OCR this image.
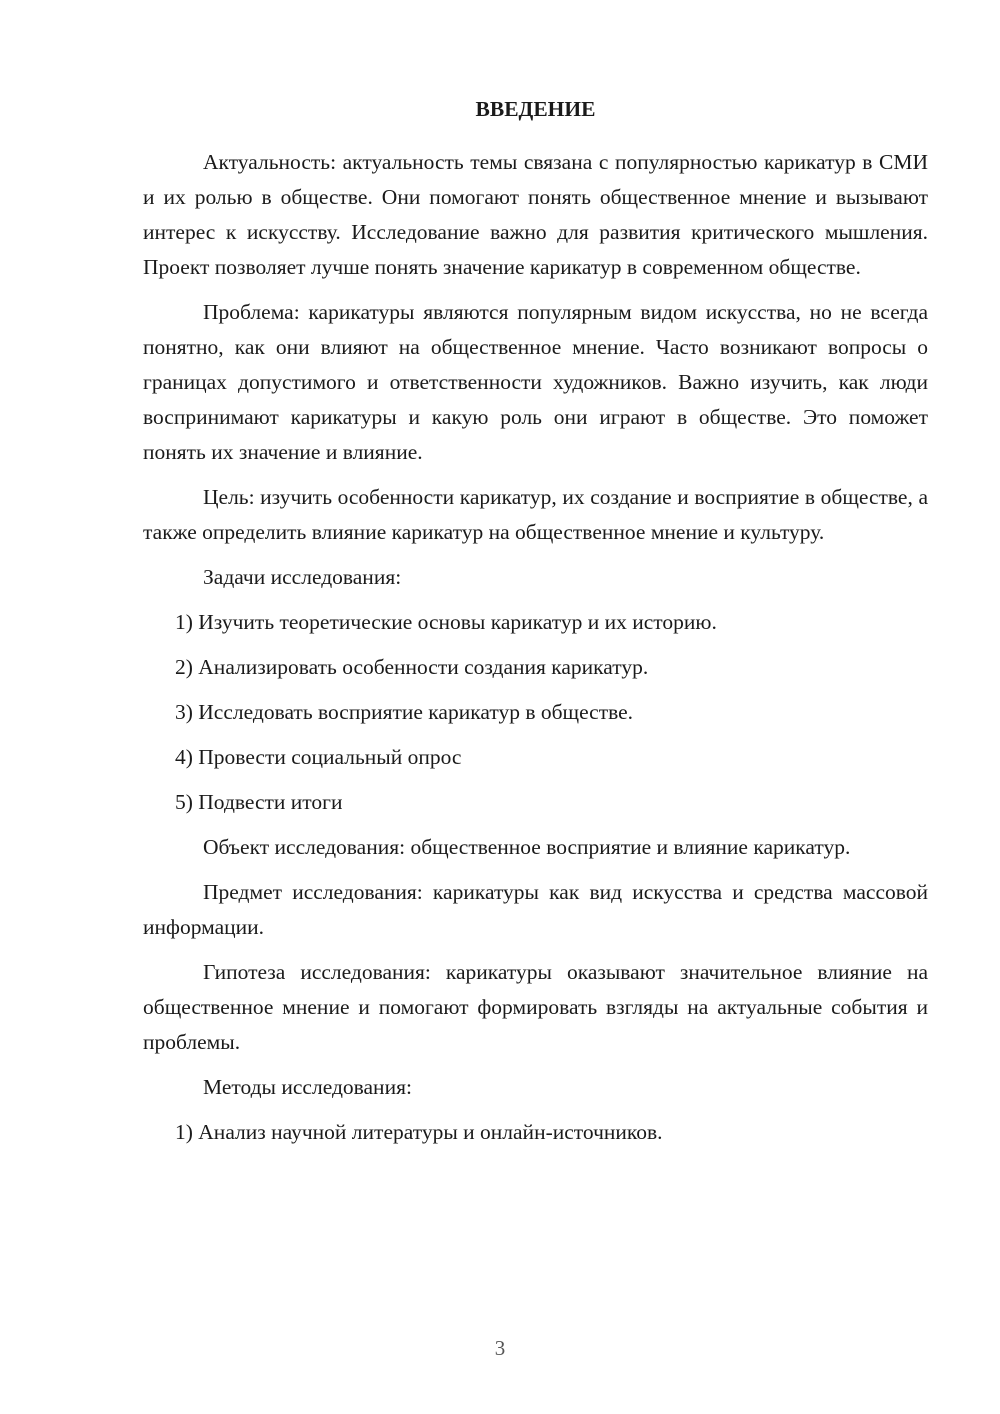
ВВЕДЕНИЕ

Актуальность: актуальность темы связана с популярностью карикатур в СМИ и их ролью в обществе. Они помогают понять общественное мнение и вызывают интерес к искусству. Исследование важно для развития критического мышления. Проект позволяет лучше понять значение карикатур в современном обществе.

Проблема: карикатуры являются популярным видом искусства, но не всегда понятно, как они влияют на общественное мнение. Часто возникают вопросы о границах допустимого и ответственности художников. Важно изучить, как люди воспринимают карикатуры и какую роль они играют в обществе. Это поможет понять их значение и влияние.

Цель: изучить особенности карикатур, их создание и восприятие в обществе, а также определить влияние карикатур на общественное мнение и культуру.

Задачи исследования:

1) Изучить теоретические основы карикатур и их историю.

2) Анализировать особенности создания карикатур.

3) Исследовать восприятие карикатур в обществе.

4) Провести социальный опрос

5) Подвести итоги

Объект исследования: общественное восприятие и влияние карикатур.

Предмет исследования: карикатуры как вид искусства и средства массовой информации.

Гипотеза исследования: карикатуры оказывают значительное влияние на общественное мнение и помогают формировать взгляды на актуальные события и проблемы.

Методы исследования:

1) Анализ научной литературы и онлайн-источников.

3
